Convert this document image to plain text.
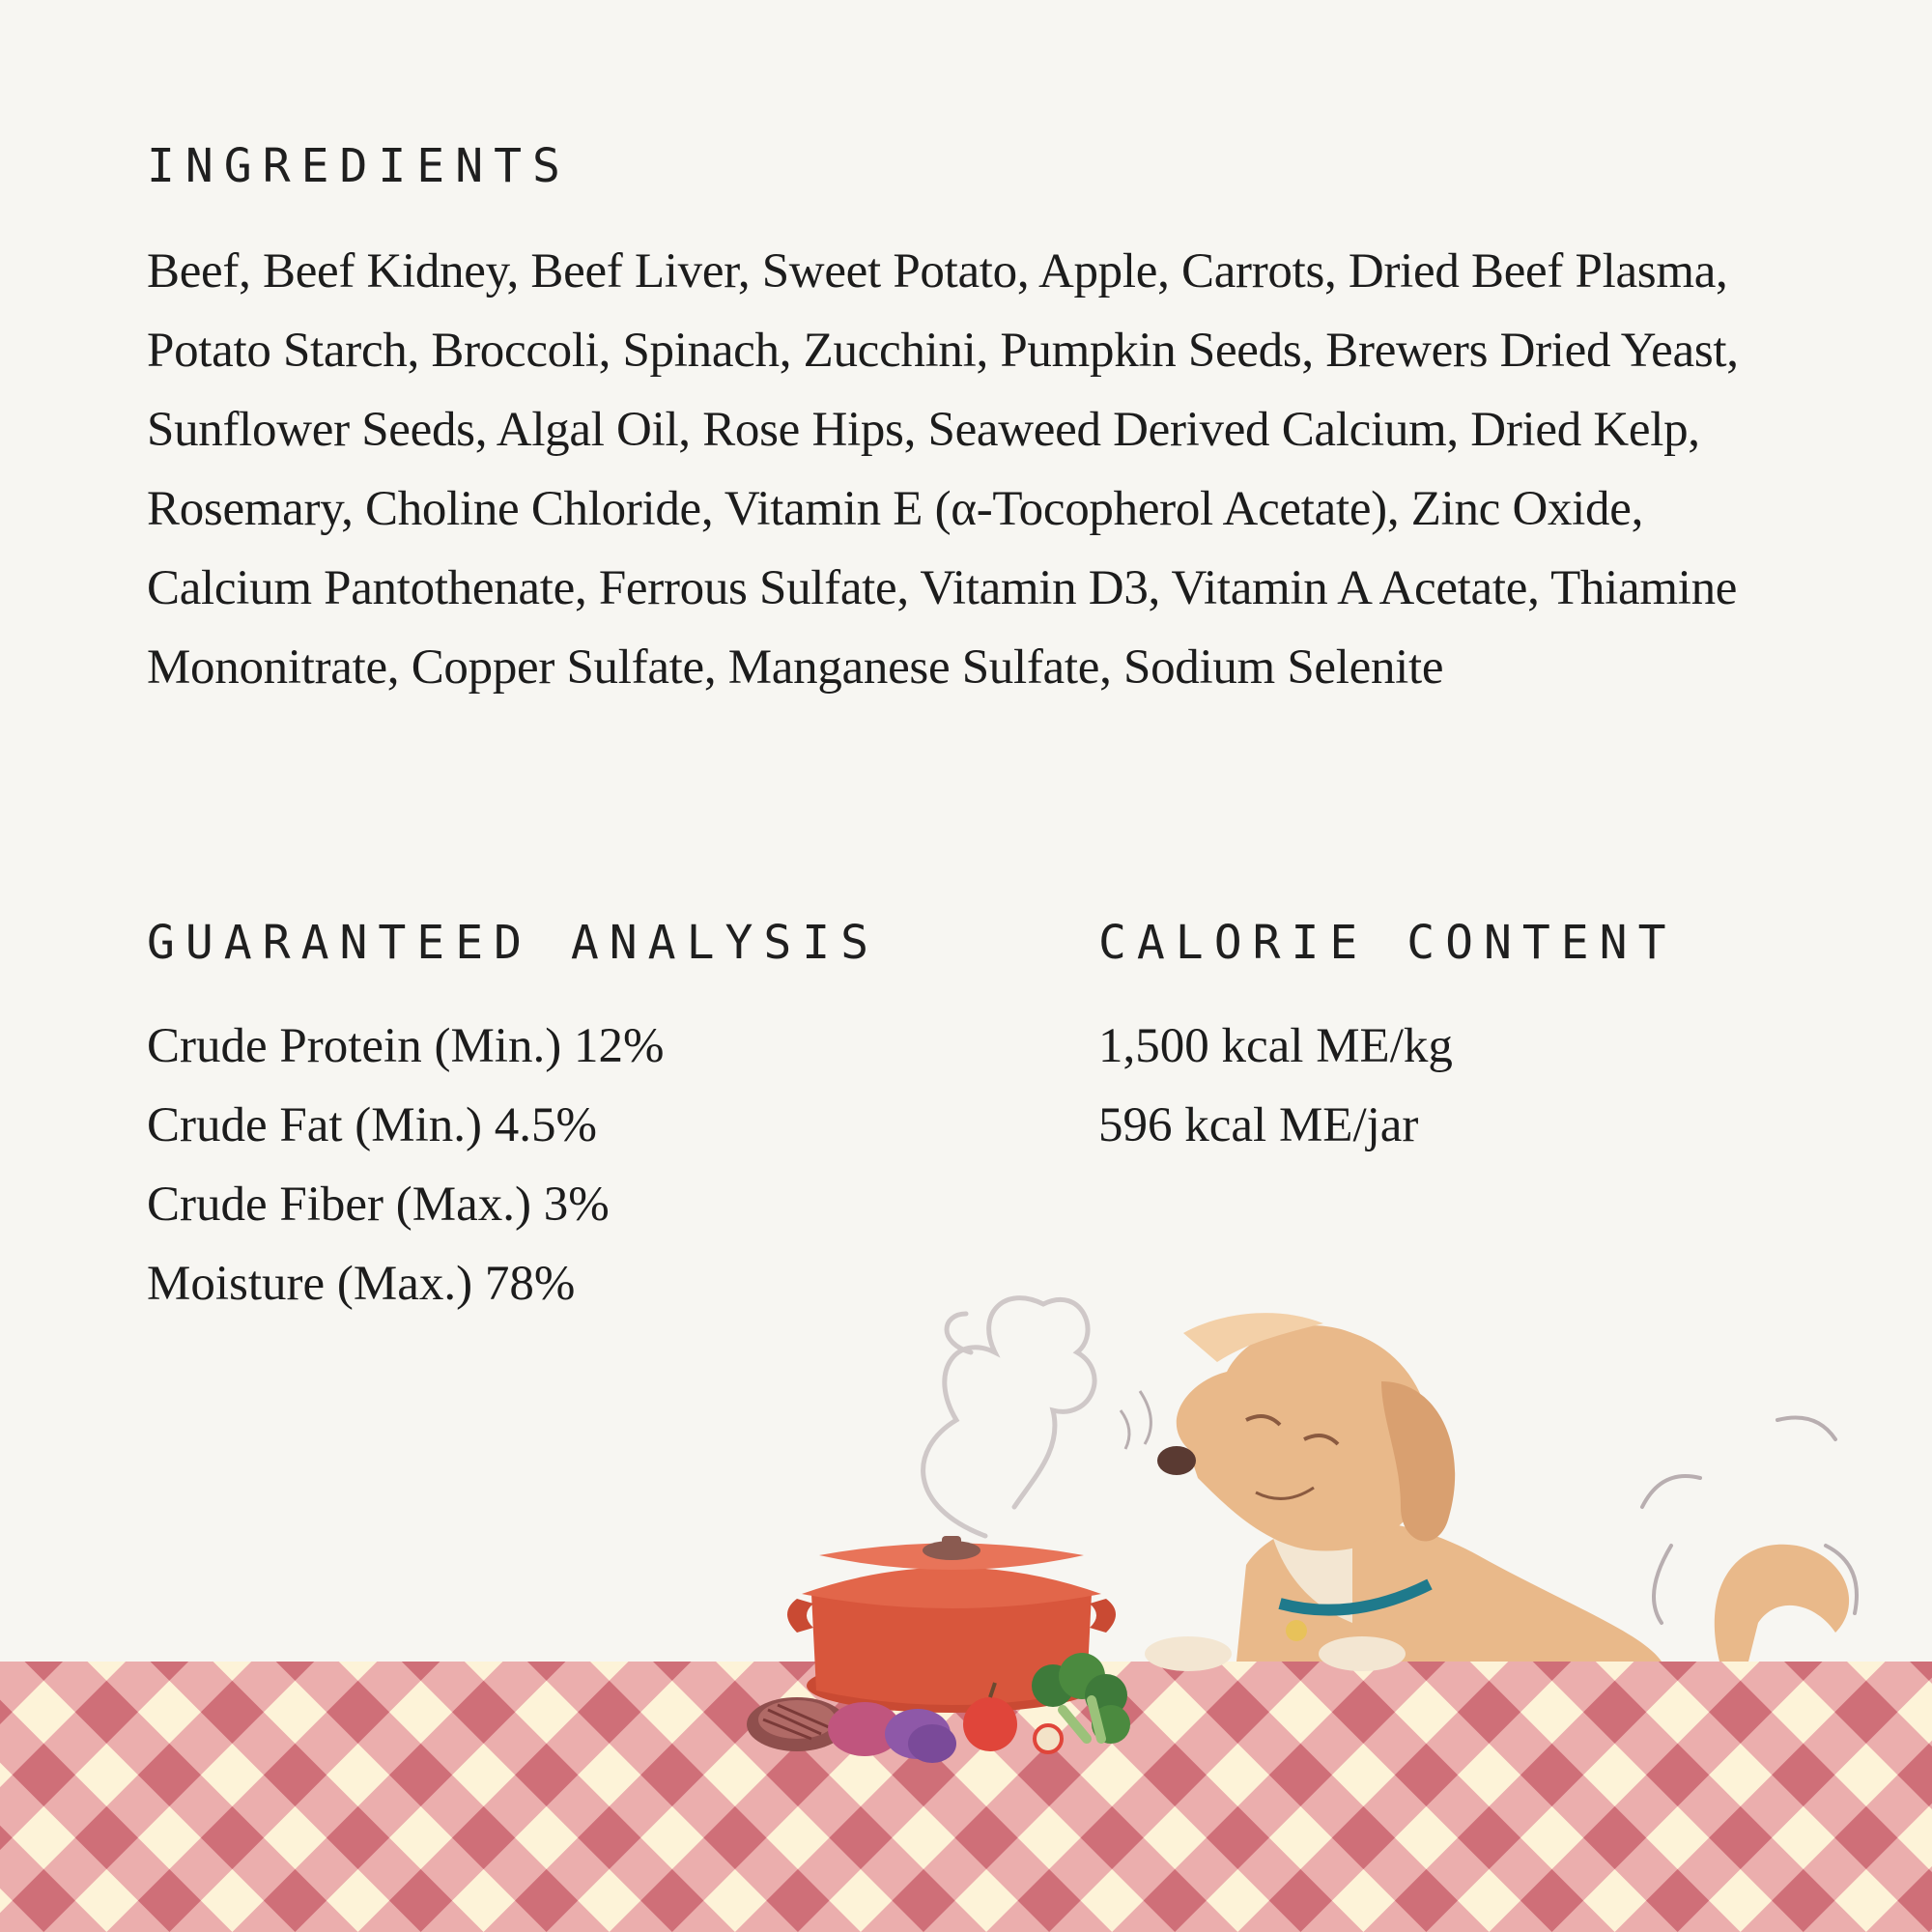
INGREDIENTS

Beef, Beef Kidney, Beef Liver, Sweet Potato, Apple, Carrots, Dried Beef Plasma, Potato Starch, Broccoli, Spinach, Zucchini, Pumpkin Seeds, Brewers Dried Yeast, Sunflower Seeds, Algal Oil, Rose Hips, Seaweed Derived Calcium, Dried Kelp, Rosemary, Choline Chloride, Vitamin E (α-Tocopherol Acetate), Zinc Oxide, Calcium Pantothenate, Ferrous Sulfate, Vitamin D3, Vitamin A Acetate, Thiamine Mononitrate, Copper Sulfate, Manganese Sulfate, Sodium Selenite

GUARANTEED ANALYSIS
Crude Protein (Min.) 12%
Crude Fat (Min.) 4.5%
Crude Fiber (Max.) 3%
Moisture (Max.) 78%
CALORIE CONTENT
1,500 kcal ME/kg
596 kcal ME/jar
